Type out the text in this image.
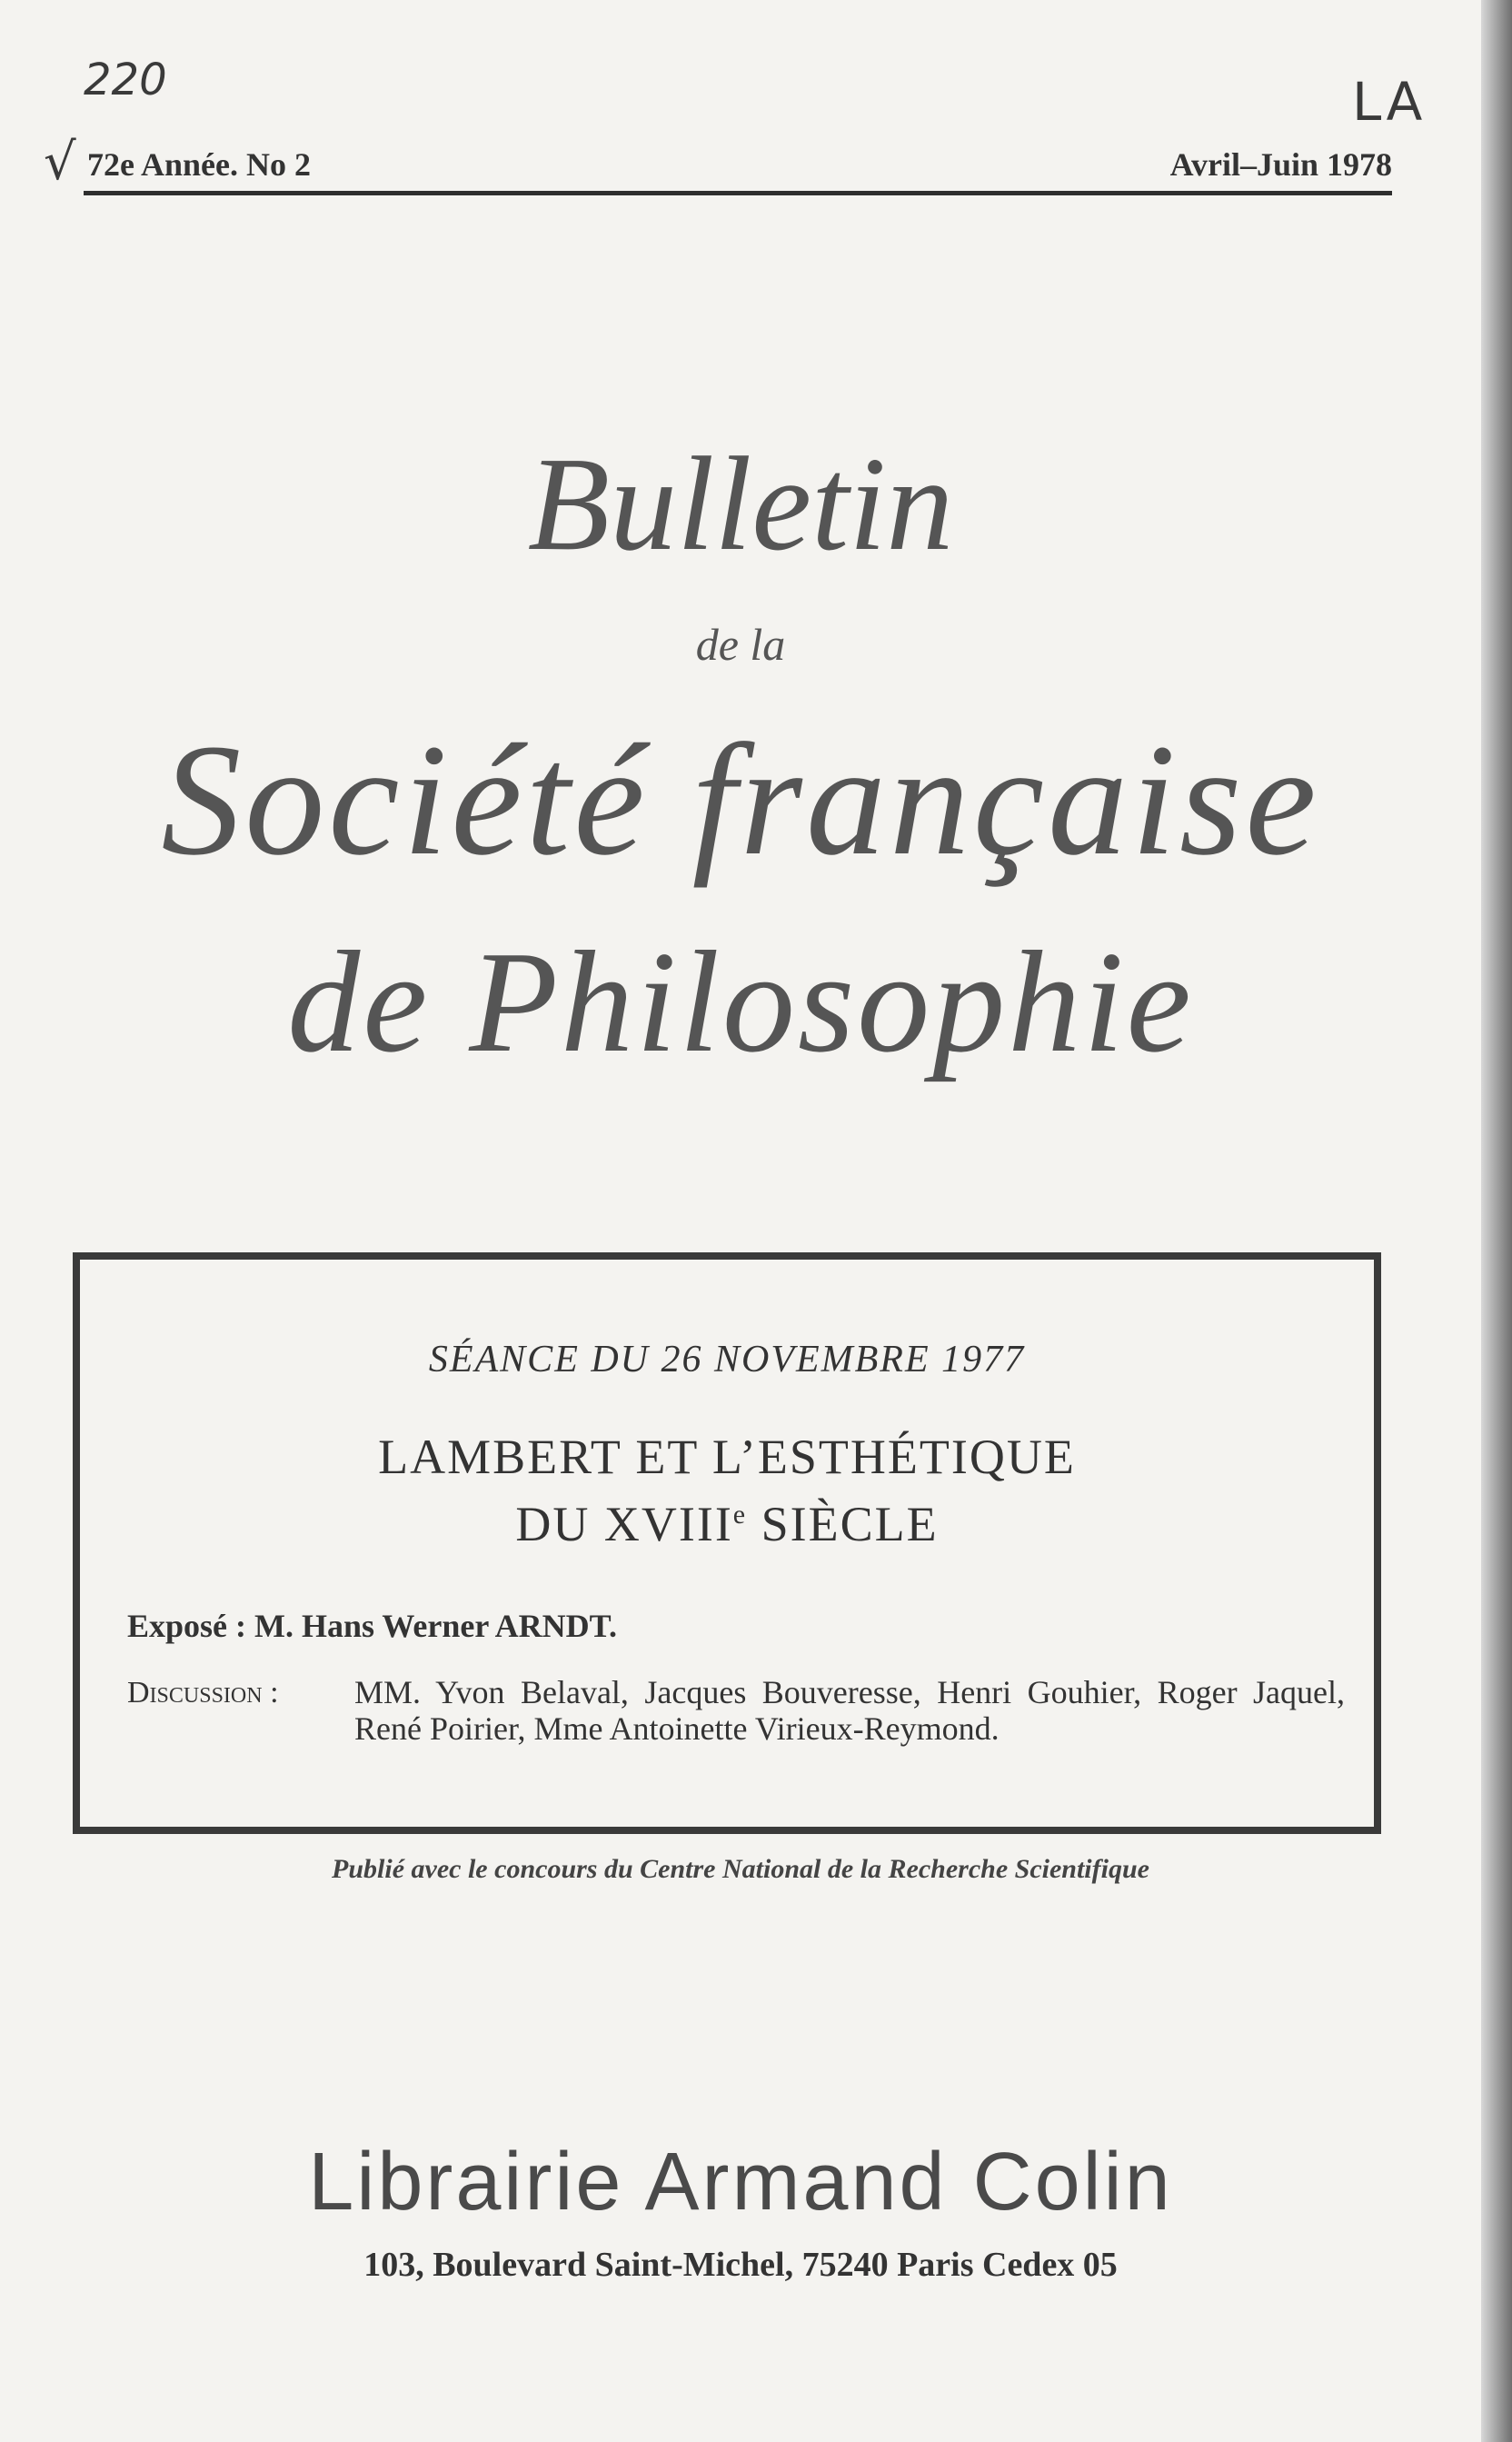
220	LA
√ 72e Année. No 2	Avril–Juin 1978
Bulletin
de la
Société française
de Philosophie
SÉANCE DU 26 NOVEMBRE 1977
LAMBERT ET L’ESTHÉTIQUE
DU XVIIIe SIÈCLE
Exposé : M. Hans Werner ARNDT.
Discussion : MM. Yvon Belaval, Jacques Bouveresse, Henri Gouhier, Roger Jaquel, René Poirier, Mme Antoinette Virieux-Reymond.
Publié avec le concours du Centre National de la Recherche Scientifique
Librairie Armand Colin
103, Boulevard Saint-Michel, 75240 Paris Cedex 05
